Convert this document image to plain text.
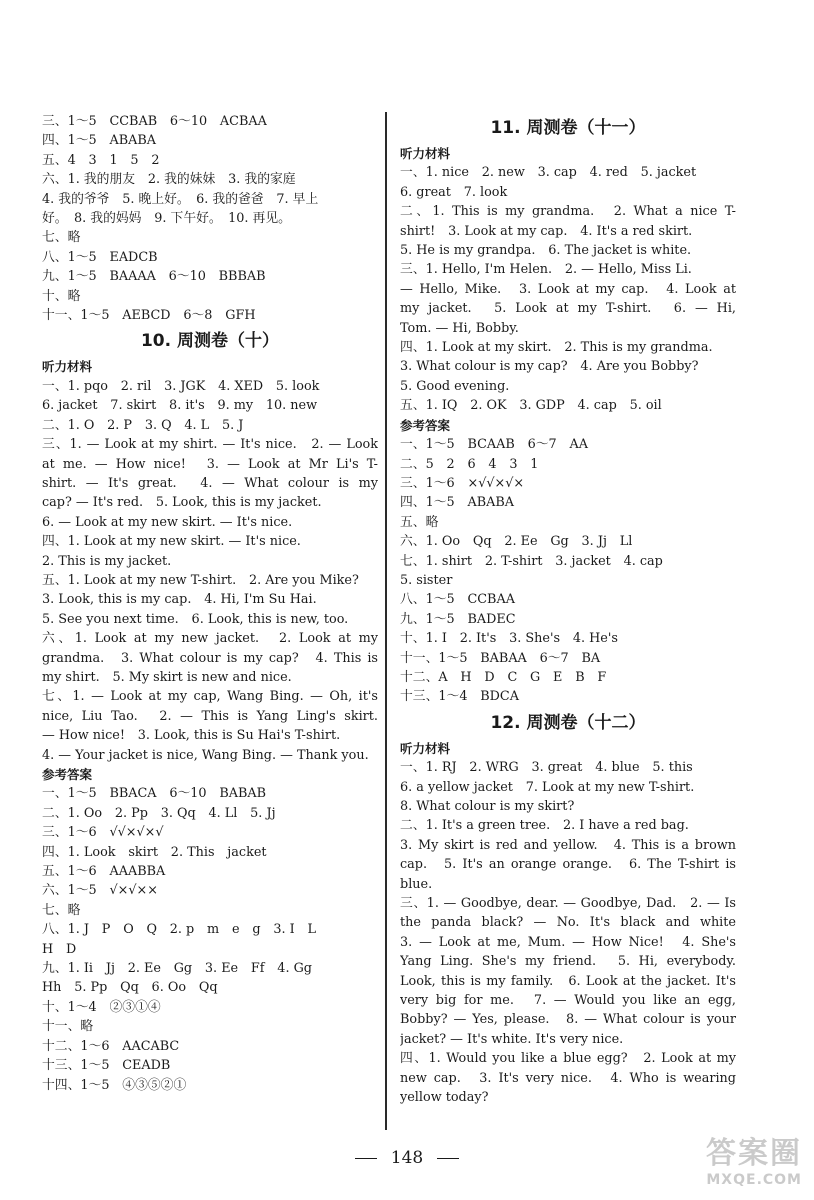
三、1～5　CCBAB　6～10　ACBAA
四、1～5　ABABA
五、4　3　1　5　2
六、1. 我的朋友　2. 我的妹妹　3. 我的家庭
4. 我的爷爷　5. 晚上好。　6. 我的爸爸　7. 早上
好。　8. 我的妈妈　9. 下午好。　10. 再见。
七、略
八、1～5　EADCB
九、1～5　BAAAA　6～10　BBBAB
十、略
十一、1～5　AEBCD　6～8　GFH
10. 周测卷（十）
听力材料
一、1. pqo　2. ril　3. JGK　4. XED　5. look
6. jacket　7. skirt　8. it's　9. my　10. new
二、1. O　2. P　3. Q　4. L　5. J
三、1. — Look at my shirt. — It's nice.　2. — Look
at me. — How nice!　3. — Look at Mr Li's T-
shirt. — It's great.　4. — What colour is my
cap? — It's red.　5. Look, this is my jacket.
6. — Look at my new skirt. — It's nice.
四、1. Look at my new skirt. — It's nice.
2. This is my jacket.
五、1. Look at my new T-shirt.　2. Are you Mike?
3. Look, this is my cap.　4. Hi, I'm Su Hai.
5. See you next time.　6. Look, this is new, too.
六、1. Look at my new jacket.　2. Look at my
grandma.　3. What colour is my cap?　4. This is
my shirt.　5. My skirt is new and nice.
七、1. — Look at my cap, Wang Bing. — Oh, it's
nice, Liu Tao.　2. — This is Yang Ling's skirt.
— How nice!　3. Look, this is Su Hai's T-shirt.
4. — Your jacket is nice, Wang Bing. — Thank you.
参考答案
一、1～5　BBACA　6～10　BABAB
二、1. Oo　2. Pp　3. Qq　4. Ll　5. Jj
三、1～6　√√×√×√
四、1. Look　skirt　2. This　jacket
五、1～6　AAABBA
六、1～5　√×√××
七、略
八、1. J　P　O　Q　2. p　m　e　g　3. I　L
H　D
九、1. Ii　Jj　2. Ee　Gg　3. Ee　Ff　4. Gg
Hh　5. Pp　Qq　6. Oo　Qq
十、1～4　②③①④
十一、略
十二、1～6　AACABC
十三、1～5　CEADB
十四、1～5　④③⑤②①
11. 周测卷（十一）
听力材料
一、1. nice　2. new　3. cap　4. red　5. jacket
6. great　7. look
二、1. This is my grandma.　2. What a nice T-
shirt!　3. Look at my cap.　4. It's a red skirt.
5. He is my grandpa.　6. The jacket is white.
三、1. Hello, I'm Helen.　2. — Hello, Miss Li.
— Hello, Mike.　3. Look at my cap.　4. Look at
my jacket.　5. Look at my T-shirt.　6. — Hi,
Tom. — Hi, Bobby.
四、1. Look at my skirt.　2. This is my grandma.
3. What colour is my cap?　4. Are you Bobby?
5. Good evening.
五、1. IQ　2. OK　3. GDP　4. cap　5. oil
参考答案
一、1～5　BCAAB　6～7　AA
二、5　2　6　4　3　1
三、1～6　×√√×√×
四、1～5　ABABA
五、略
六、1. Oo　Qq　2. Ee　Gg　3. Jj　Ll
七、1. shirt　2. T-shirt　3. jacket　4. cap
5. sister
八、1～5　CCBAA
九、1～5　BADEC
十、1. I　2. It's　3. She's　4. He's
十一、1～5　BABAA　6～7　BA
十二、A　H　D　C　G　E　B　F
十三、1～4　BDCA
12. 周测卷（十二）
听力材料
一、1. RJ　2. WRG　3. great　4. blue　5. this
6. a yellow jacket　7. Look at my new T-shirt.
8. What colour is my skirt?
二、1. It's a green tree.　2. I have a red bag.
3. My skirt is red and yellow.　4. This is a brown
cap.　5. It's an orange orange.　6. The T-shirt is
blue.
三、1. — Goodbye, dear. — Goodbye, Dad.　2. — Is
the panda black? — No. It's black and white
3. — Look at me, Mum. — How Nice!　4. She's
Yang Ling. She's my friend.　5. Hi, everybody.
Look, this is my family.　6. Look at the jacket. It's
very big for me.　7. — Would you like an egg,
Bobby? — Yes, please.　8. — What colour is your
jacket? — It's white. It's very nice.
四、1. Would you like a blue egg?　2. Look at my
new cap.　3. It's very nice.　4. Who is wearing
yellow today?
148	答案圈
MXQE.COM
